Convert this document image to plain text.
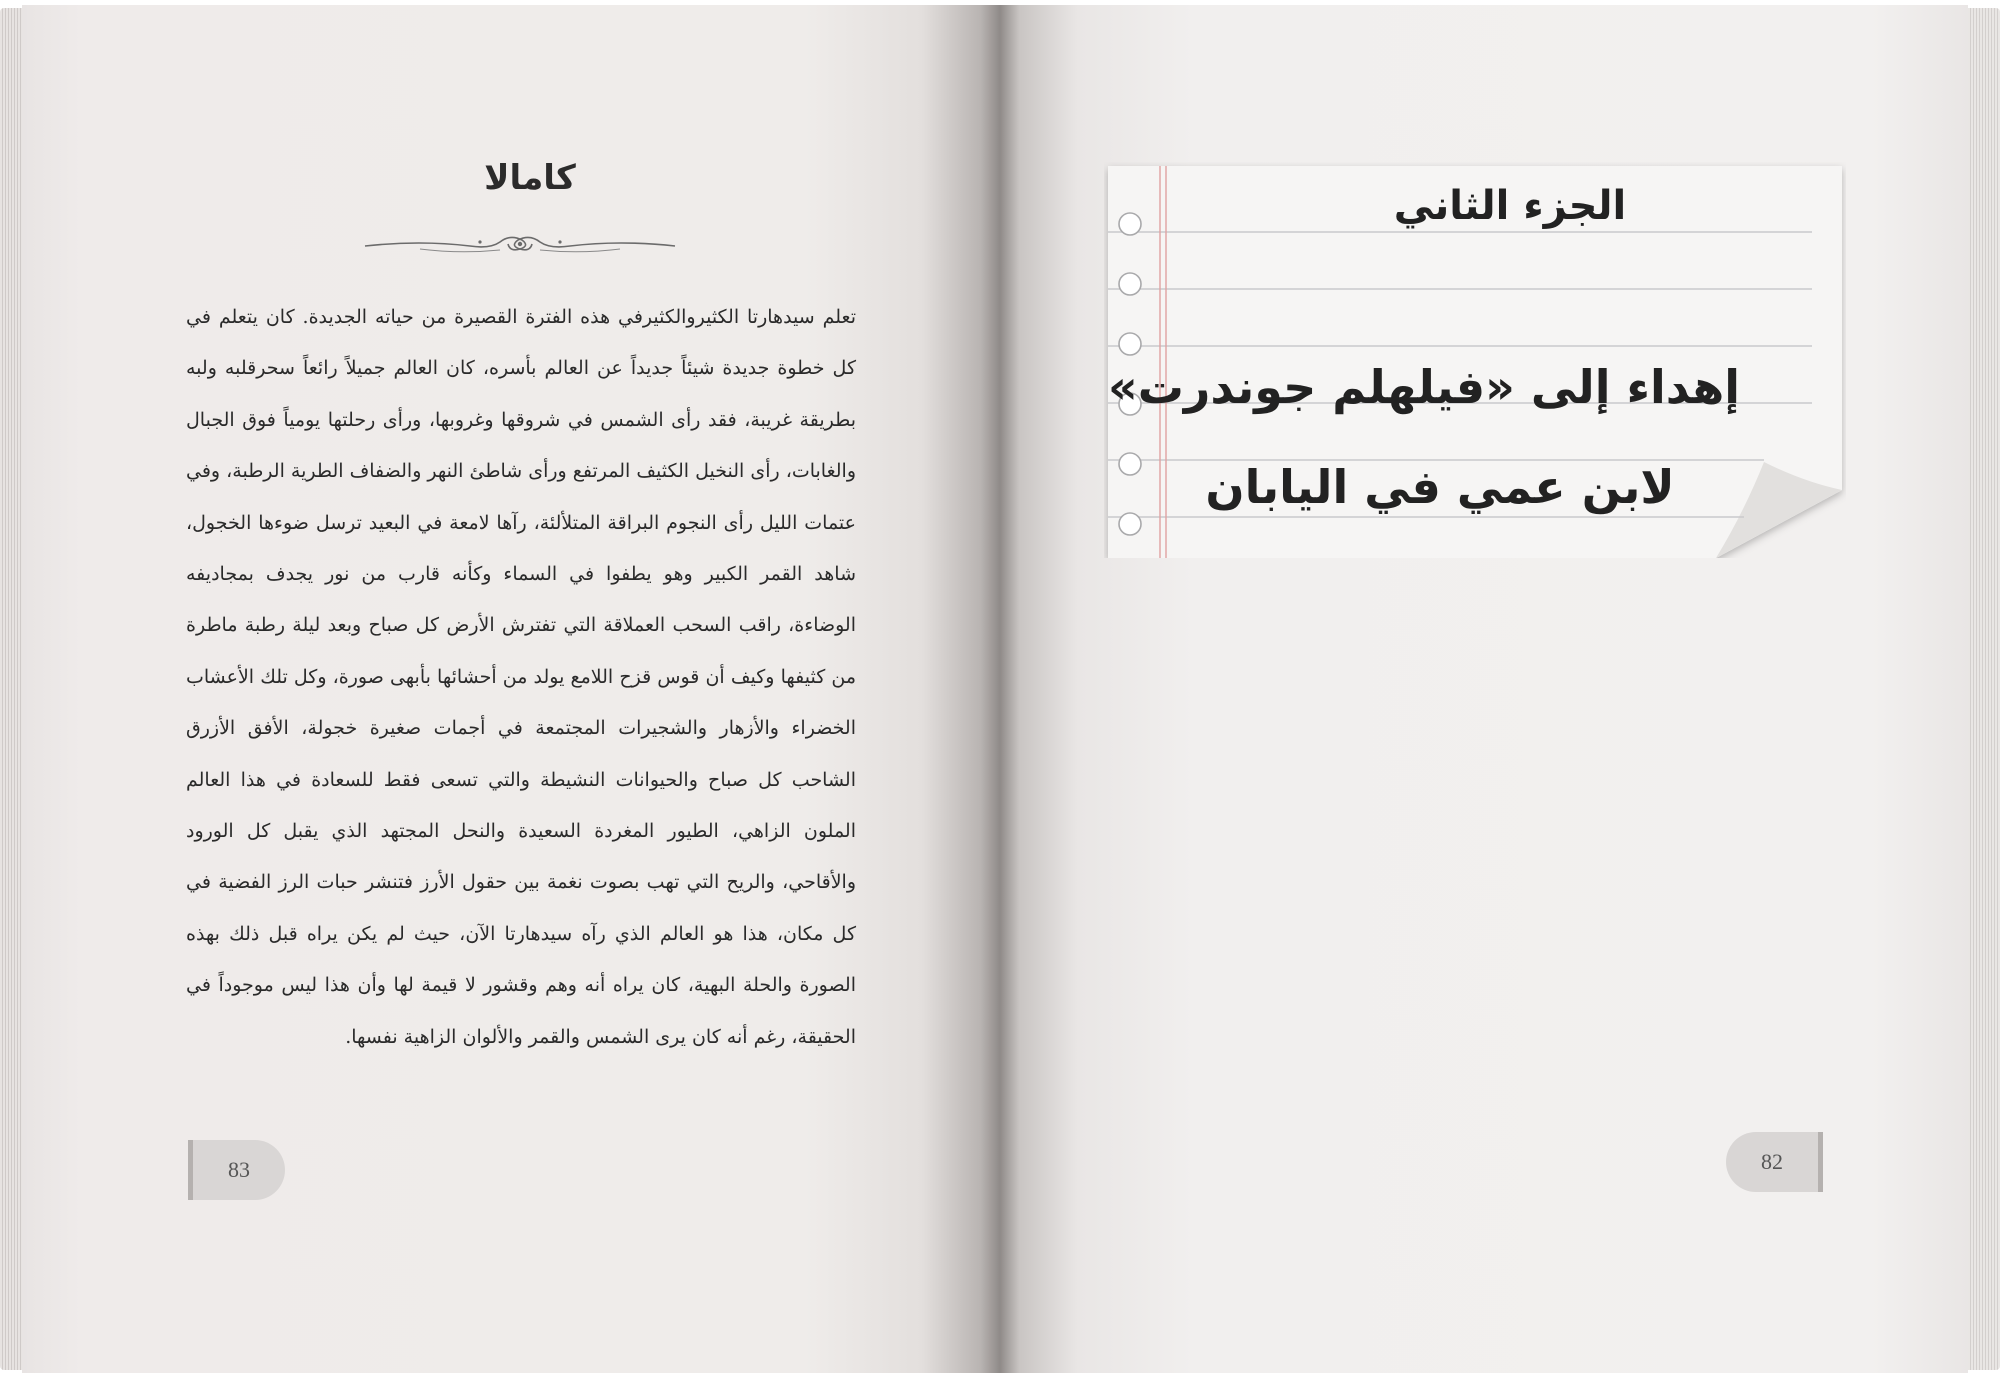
كامالا
تعلم سيدهارتا الكثيروالكثيرفي هذه الفترة القصيرة من حياته الجديدة. كان يتعلم في كل خطوة جديدة شيئاً جديداً عن العالم بأسره، كان العالم جميلاً رائعاً سحرقلبه ولبه بطريقة غريبة، فقد رأى الشمس في شروقها وغروبها، ورأى رحلتها يومياً فوق الجبال والغابات، رأى النخيل الكثيف المرتفع ورأى شاطئ النهر والضفاف الطرية الرطبة، وفي عتمات الليل رأى النجوم البراقة المتلألئة، رآها لامعة في البعيد ترسل ضوءها الخجول، شاهد القمر الكبير وهو يطفوا في السماء وكأنه قارب من نور يجدف بمجاديفه الوضاءة، راقب السحب العملاقة التي تفترش الأرض كل صباح وبعد ليلة رطبة ماطرة من كثيفها وكيف أن قوس قزح اللامع يولد من أحشائها بأبهى صورة، وكل تلك الأعشاب الخضراء والأزهار والشجيرات المجتمعة في أجمات صغيرة خجولة، الأفق الأزرق الشاحب كل صباح والحيوانات النشيطة والتي تسعى فقط للسعادة في هذا العالم الملون الزاهي، الطيور المغردة السعيدة والنحل المجتهد الذي يقبل كل الورود والأقاحي، والريح التي تهب بصوت نغمة بين حقول الأرز فتنشر حبات الرز الفضية في كل مكان، هذا هو العالم الذي رآه سيدهارتا الآن، حيث لم يكن يراه قبل ذلك بهذه الصورة والحلة البهية، كان يراه أنه وهم وقشور لا قيمة لها وأن هذا ليس موجوداً في الحقيقة، رغم أنه كان يرى الشمس والقمر والألوان الزاهية نفسها.
83
الجزء الثاني
إهداء إلى «فيلهلم جوندرت»
لابن عمي في اليابان
82
